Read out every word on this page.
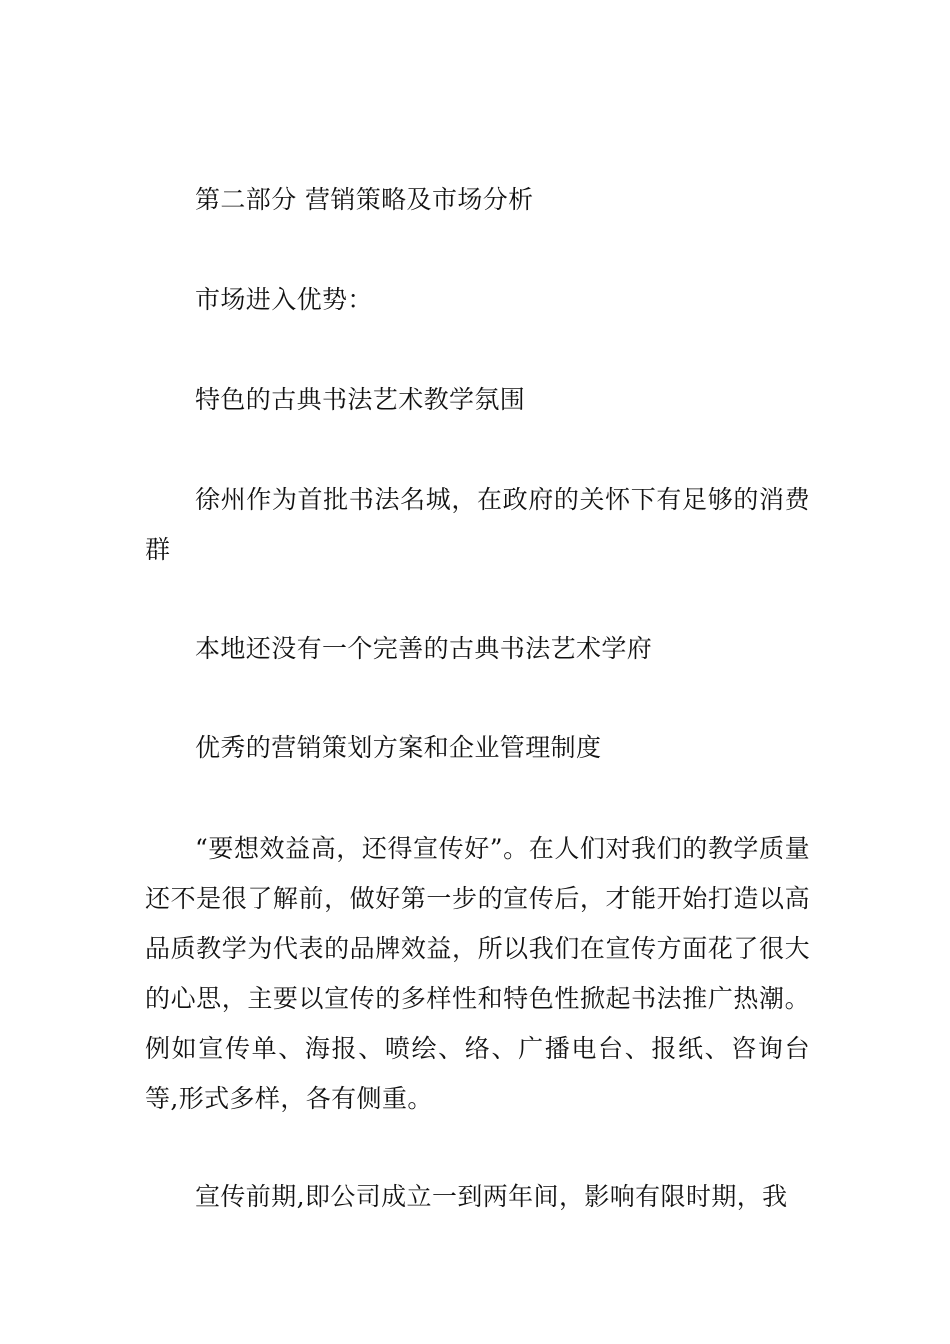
第二部分 营销策略及市场分析

市场进入优势：

特色的古典书法艺术教学氛围

徐州作为首批书法名城，在政府的关怀下有足够的消费群

本地还没有一个完善的古典书法艺术学府

优秀的营销策划方案和企业管理制度

“要想效益高，还得宣传好”。在人们对我们的教学质量还不是很了解前，做好第一步的宣传后，才能开始打造以高品质教学为代表的品牌效益，所以我们在宣传方面花了很大的心思，主要以宣传的多样性和特色性掀起书法推广热潮。例如宣传单、海报、喷绘、络、广播电台、报纸、咨询台等,形式多样，各有侧重。

宣传前期,即公司成立一到两年间，影响有限时期，我
